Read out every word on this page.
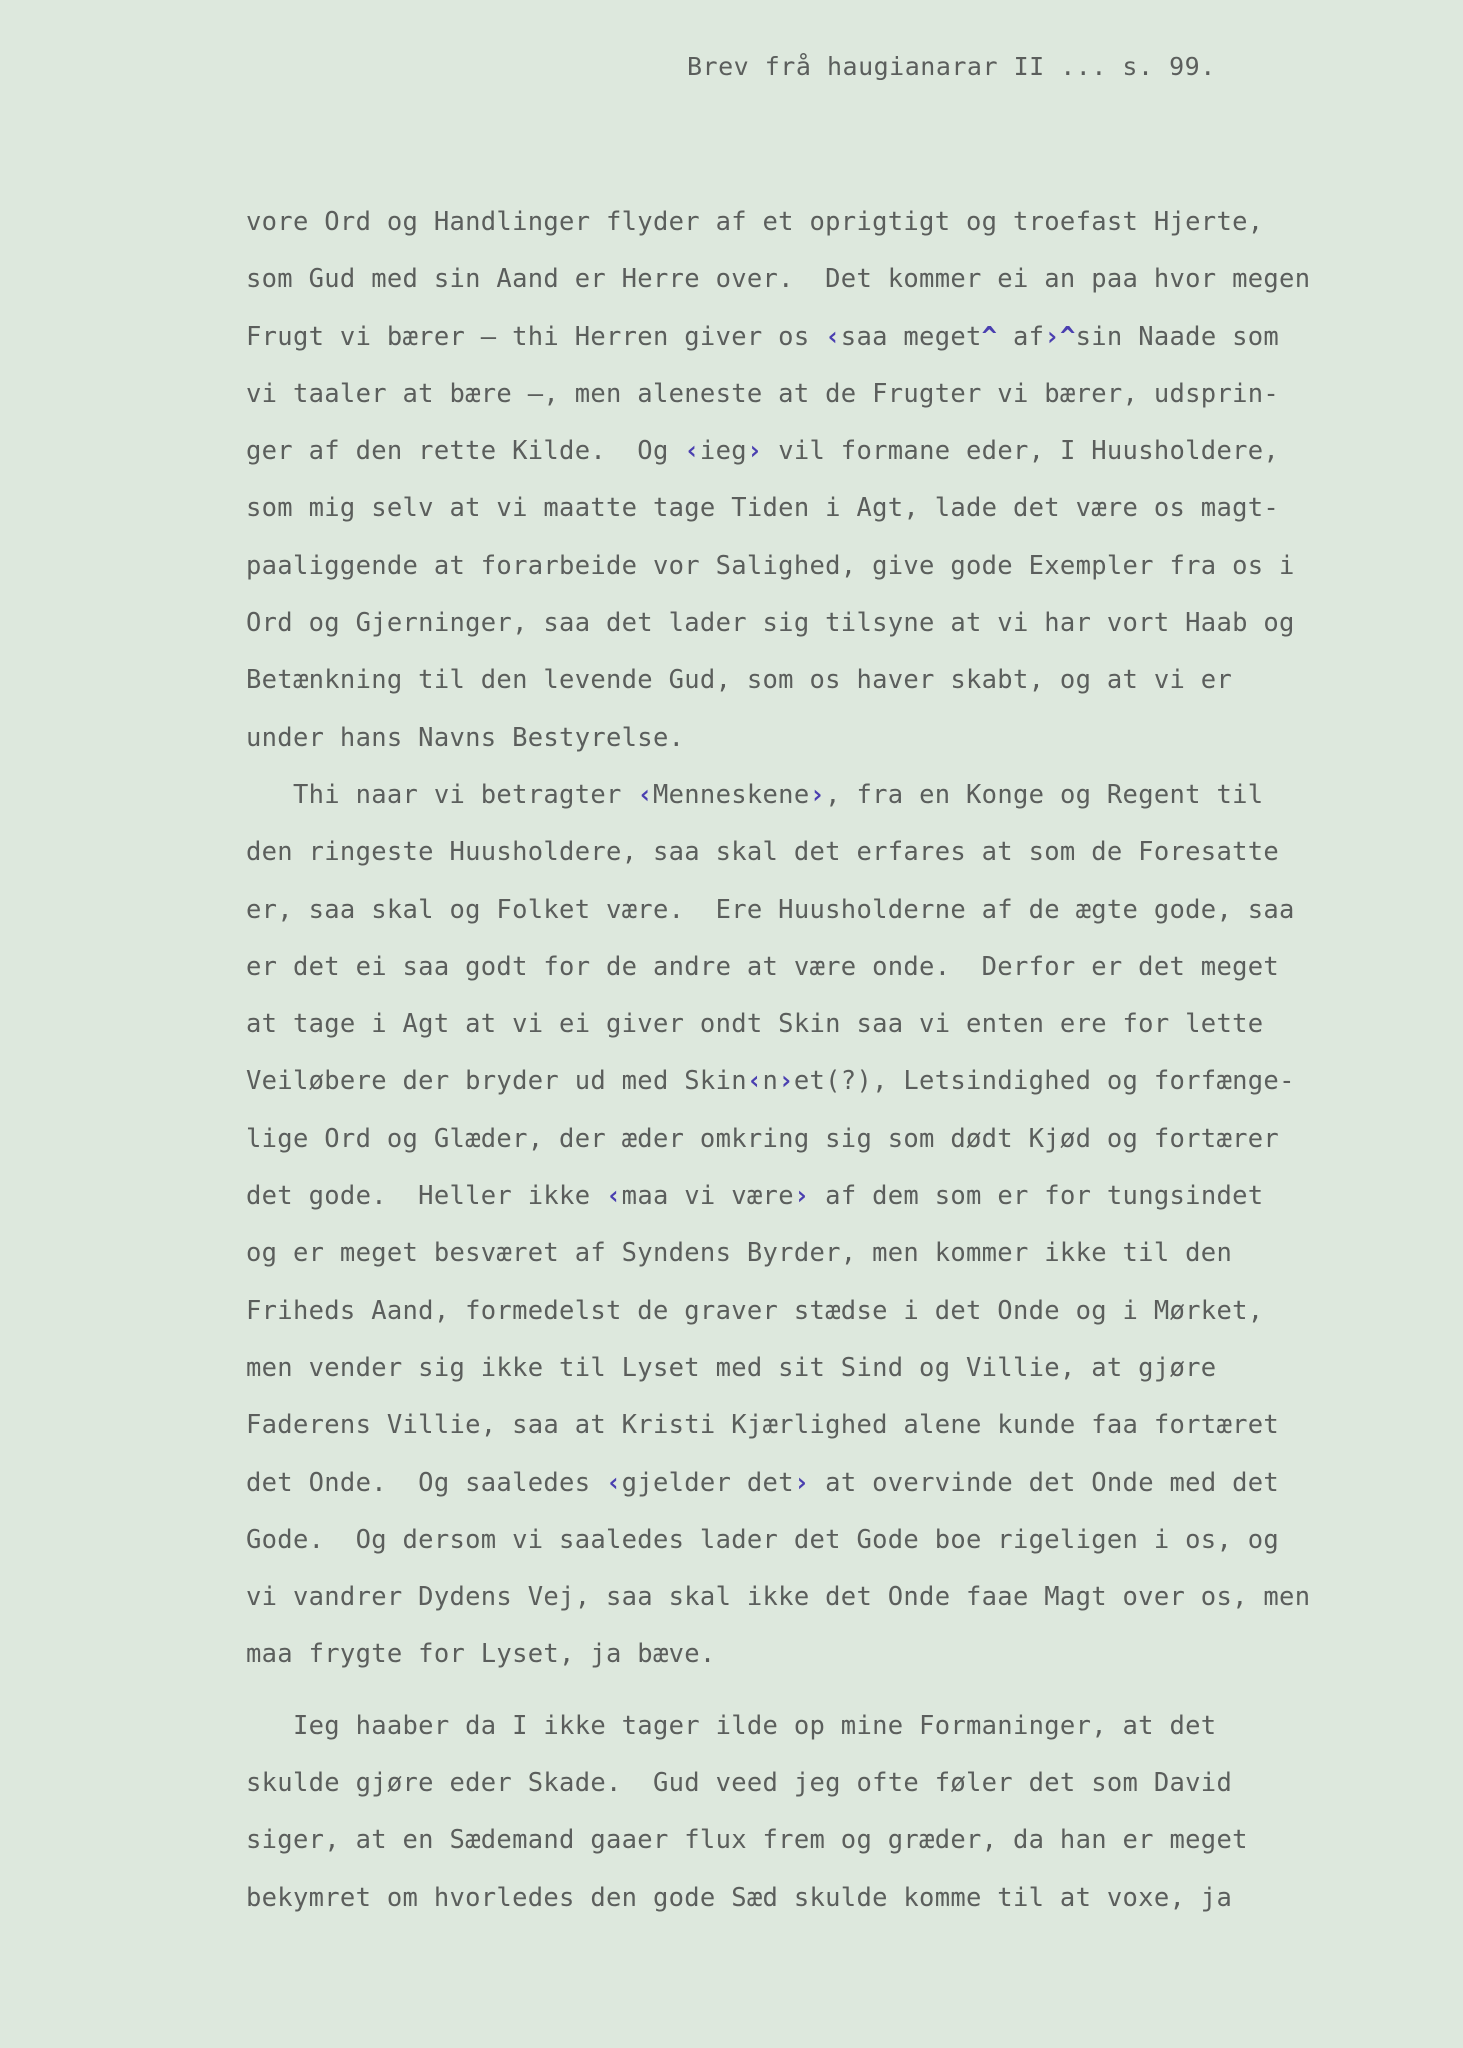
Brev frå haugianarar II ... s. 99.
vore Ord og Handlinger flyder af et oprigtigt og troefast Hjerte,
som Gud med sin Aand er Herre over.  Det kommer ei an paa hvor megen
Frugt vi bærer — thi Herren giver os ‹saa meget^ af›^sin Naade som
vi taaler at bære —, men aleneste at de Frugter vi bærer, udsprin-
ger af den rette Kilde.  Og ‹ieg› vil formane eder, I Huusholdere,
som mig selv at vi maatte tage Tiden i Agt, lade det være os magt-
paaliggende at forarbeide vor Salighed, give gode Exempler fra os i
Ord og Gjerninger, saa det lader sig tilsyne at vi har vort Haab og
Betænkning til den levende Gud, som os haver skabt, og at vi er
under hans Navns Bestyrelse.
Thi naar vi betragter ‹Menneskene›, fra en Konge og Regent til
den ringeste Huusholdere, saa skal det erfares at som de Foresatte
er, saa skal og Folket være.  Ere Huusholderne af de ægte gode, saa
er det ei saa godt for de andre at være onde.  Derfor er det meget
at tage i Agt at vi ei giver ondt Skin saa vi enten ere for lette
Veiløbere der bryder ud med Skin‹n›et(?), Letsindighed og forfænge-
lige Ord og Glæder, der æder omkring sig som dødt Kjød og fortærer
det gode.  Heller ikke ‹maa vi være› af dem som er for tungsindet
og er meget besværet af Syndens Byrder, men kommer ikke til den
Friheds Aand, formedelst de graver stædse i det Onde og i Mørket,
men vender sig ikke til Lyset med sit Sind og Villie, at gjøre
Faderens Villie, saa at Kristi Kjærlighed alene kunde faa fortæret
det Onde.  Og saaledes ‹gjelder det› at overvinde det Onde med det
Gode.  Og dersom vi saaledes lader det Gode boe rigeligen i os, og
vi vandrer Dydens Vej, saa skal ikke det Onde faae Magt over os, men
maa frygte for Lyset, ja bæve.
Ieg haaber da I ikke tager ilde op mine Formaninger, at det
skulde gjøre eder Skade.  Gud veed jeg ofte føler det som David
siger, at en Sædemand gaaer flux frem og græder, da han er meget
bekymret om hvorledes den gode Sæd skulde komme til at voxe, ja
